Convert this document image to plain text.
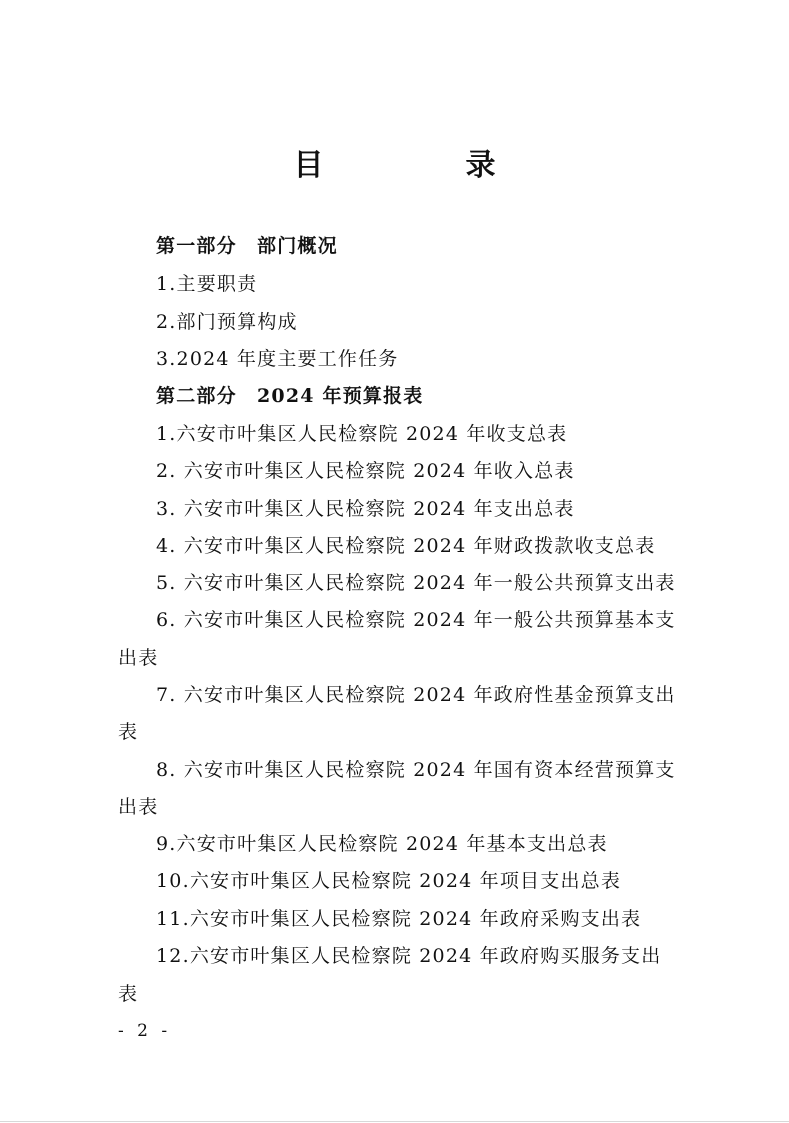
目　录
第一部分　部门概况
1.主要职责
2.部门预算构成
3.2024 年度主要工作任务
第二部分　2024 年预算报表
1.六安市叶集区人民检察院 2024 年收支总表
2. 六安市叶集区人民检察院 2024 年收入总表
3. 六安市叶集区人民检察院 2024 年支出总表
4. 六安市叶集区人民检察院 2024 年财政拨款收支总表
5. 六安市叶集区人民检察院 2024 年一般公共预算支出表
6. 六安市叶集区人民检察院 2024 年一般公共预算基本支
出表
7. 六安市叶集区人民检察院 2024 年政府性基金预算支出
表
8. 六安市叶集区人民检察院 2024 年国有资本经营预算支
出表
9.六安市叶集区人民检察院 2024 年基本支出总表
10.六安市叶集区人民检察院 2024 年项目支出总表
11.六安市叶集区人民检察院 2024 年政府采购支出表
12.六安市叶集区人民检察院 2024 年政府购买服务支出
表
- 2 -
